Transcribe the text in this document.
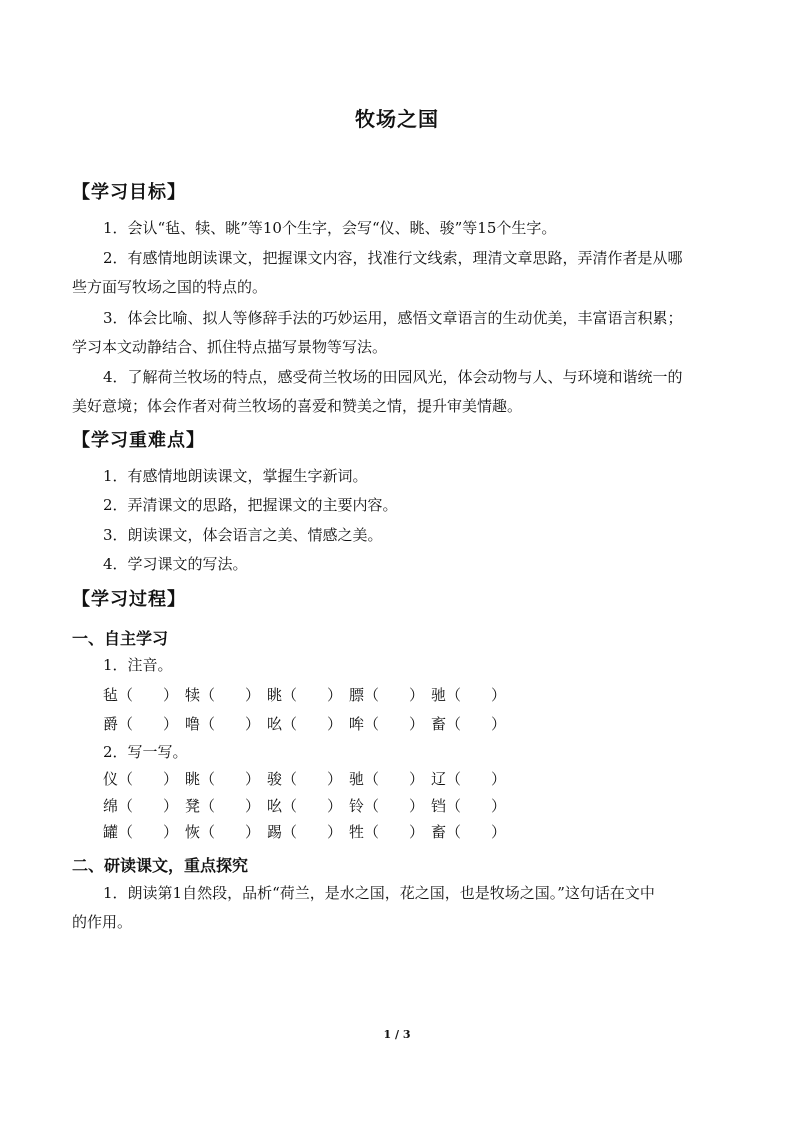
牧场之国
【学习目标】
1．会认“毡、犊、眺”等10个生字，会写“仪、眺、骏”等15个生字。
2．有感情地朗读课文，把握课文内容，找准行文线索，理清文章思路，弄清作者是从哪
些方面写牧场之国的特点的。
3．体会比喻、拟人等修辞手法的巧妙运用，感悟文章语言的生动优美，丰富语言积累；
学习本文动静结合、抓住特点描写景物等写法。
4．了解荷兰牧场的特点，感受荷兰牧场的田园风光，体会动物与人、与环境和谐统一的
美好意境；体会作者对荷兰牧场的喜爱和赞美之情，提升审美情趣。
【学习重难点】
1．有感情地朗读课文，掌握生字新词。
2．弄清课文的思路，把握课文的主要内容。
3．朗读课文，体会语言之美、情感之美。
4．学习课文的写法。
【学习过程】
一、自主学习
1．注音。
毡（　　） 犊（　　） 眺（　　） 膘（　　） 驰（　　）
爵（　　） 噜（　　） 吆（　　） 哞（　　） 畜（　　）
2．写一写。
仪（　　） 眺（　　） 骏（　　） 驰（　　） 辽（　　）
绵（　　） 凳（　　） 吆（　　） 铃（　　） 铛（　　）
罐（　　） 恢（　　） 踢（　　） 牲（　　） 畜（　　）
二、研读课文，重点探究
1．朗读第1自然段，品析“荷兰，是水之国，花之国，也是牧场之国。”这句话在文中
的作用。
1 / 3
